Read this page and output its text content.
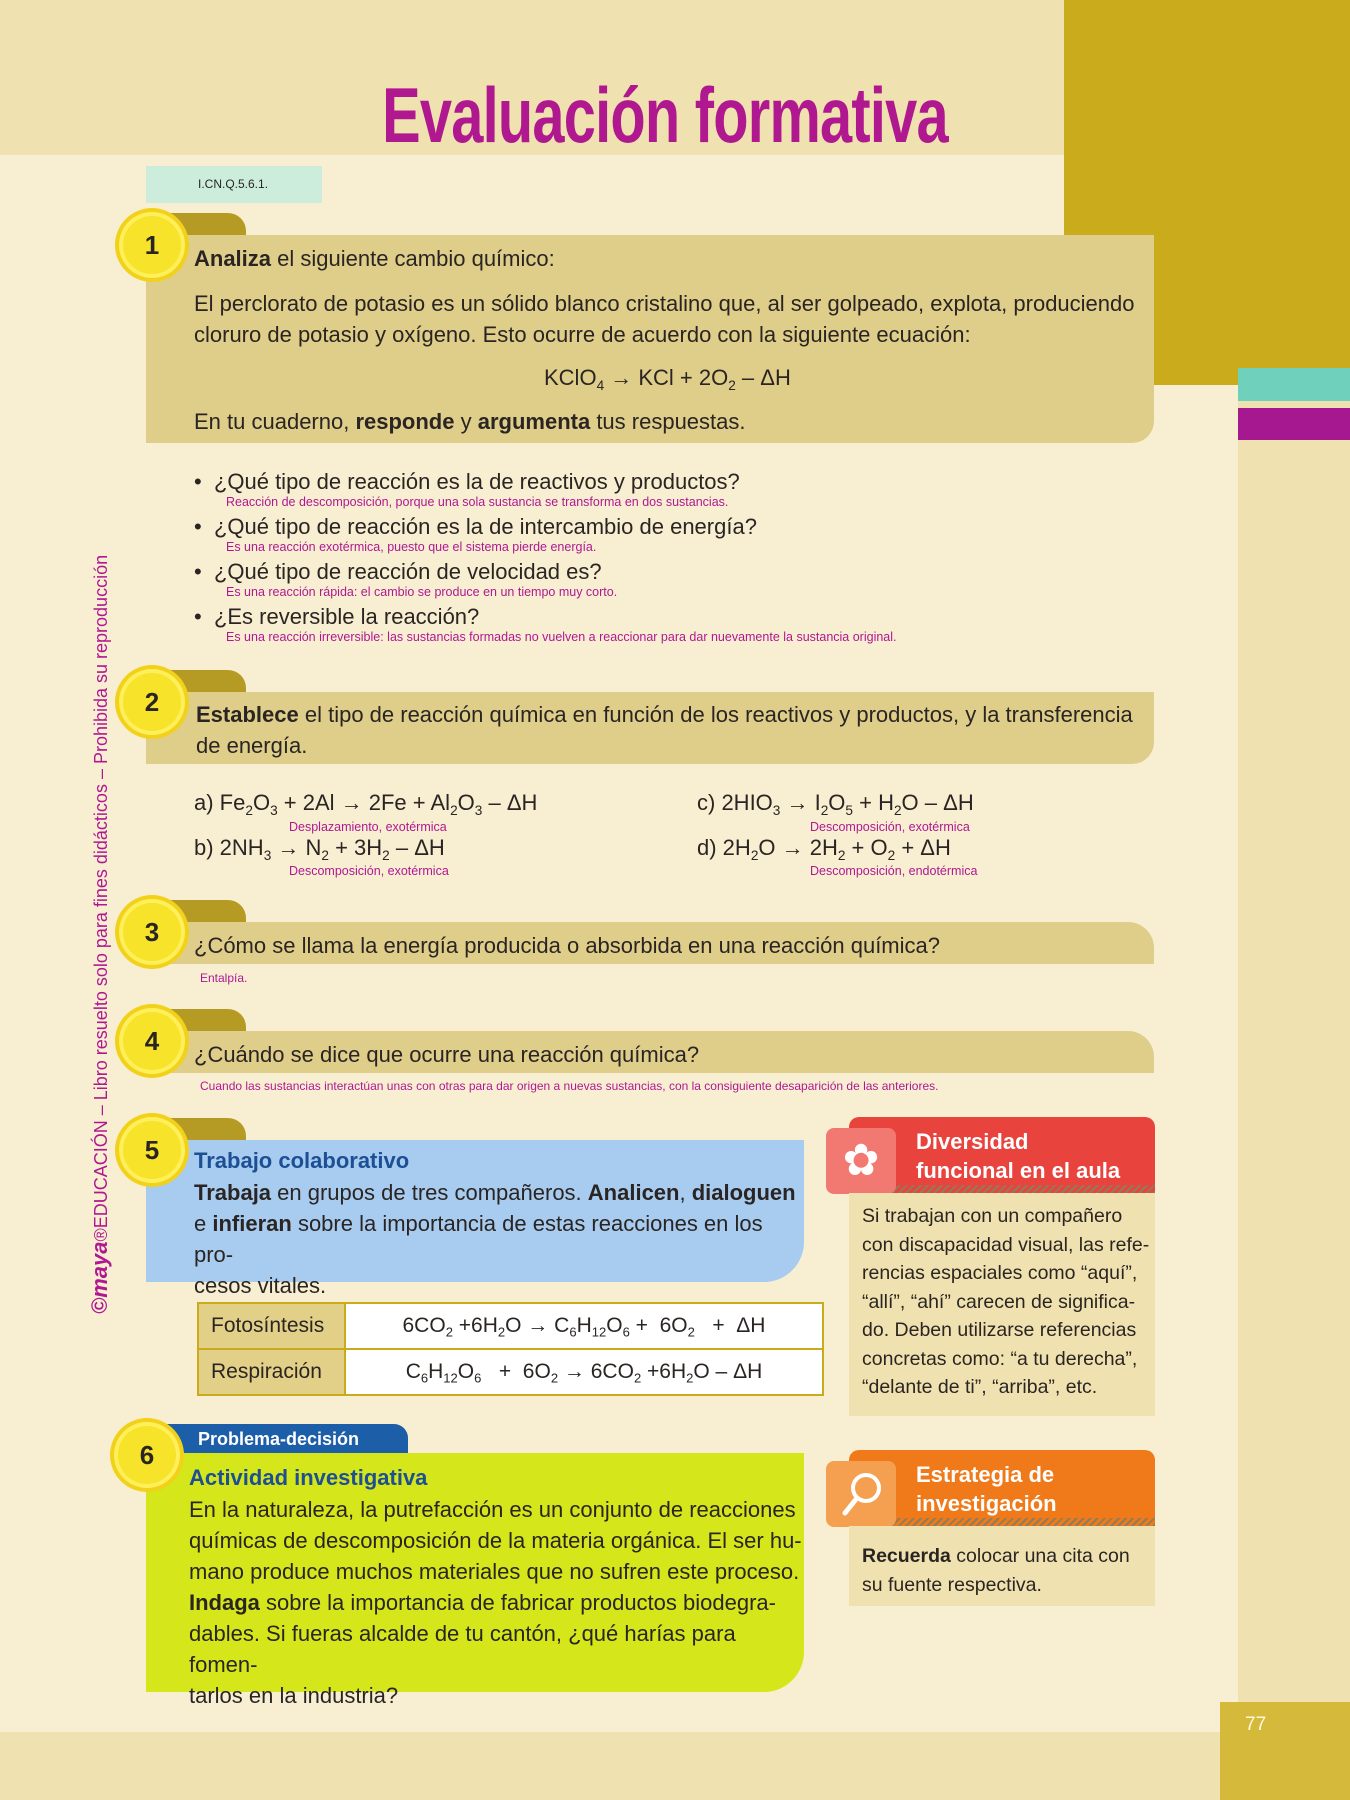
77
Evaluación formativa
I.CN.Q.5.6.1.
©maya®EDUCACIÓN – Libro resuelto solo para fines didácticos – Prohibida su reproducción
1	Analiza el siguiente cambio químico:
El perclorato de potasio es un sólido blanco cristalino que, al ser golpeado, explota, produciendo cloruro de potasio y oxígeno. Esto ocurre de acuerdo con la siguiente ecuación:
KClO$_4$ → KCl + $2O_2$ – ΔH
En tu cuaderno, responde y argumenta tus respuestas.
•  ¿Qué tipo de reacción es la de reactivos y productos?
Reacción de descomposición, porque una sola sustancia se transforma en dos sustancias.
•  ¿Qué tipo de reacción es la de intercambio de energía?
Es una reacción exotérmica, puesto que el sistema pierde energía.
•  ¿Qué tipo de reacción de velocidad es?
Es una reacción rápida: el cambio se produce en un tiempo muy corto.
•  ¿Es reversible la reacción?
Es una reacción irreversible: las sustancias formadas no vuelven a reaccionar para dar nuevamente la sustancia original.
2	Establece el tipo de reacción química en función de los reactivos y productos, y la transferencia de energía.
a) $Fe_2O_3 + 2Al \to 2Fe + Al_2O_3 - \Delta H$
Desplazamiento, exotérmica
b) $2NH_3 \to N_2 + 3H_2 - \Delta H$
Descomposición, exotérmica
c) $2HIO_3 \to I_2O_5 + H_2O - \Delta H$
Descomposición, exotérmica
d) $2H_2O \to 2H_2 + O_2 + \Delta H$
Descomposición, endotérmica
3	¿Cómo se llama la energía producida o absorbida en una reacción química?
Entalpía.
4	¿Cuándo se dice que ocurre una reacción química?
Cuando las sustancias interactúan unas con otras para dar origen a nuevas sustancias, con la consiguiente desaparición de las anteriores.
5	Trabajo colaborativo
Trabaja en grupos de tres compañeros. Analicen, dialoguen
e infieran sobre la importancia de estas reacciones en los pro-
cesos vitales.
Fotosíntesis	$6CO_2 +6H_2O \to C_6H_{12}O_6 + 6O_2 + \Delta H$
Respiración	$C_6H_{12}O_6 + 6O_2 \to 6CO_2 +6H_2O - \Delta H$
Problema-decisión
6
Actividad investigativa
En la naturaleza, la putrefacción es un conjunto de reacciones
químicas de descomposición de la materia orgánica. El ser hu-
mano produce muchos materiales que no sufren este proceso.
Indaga sobre la importancia de fabricar productos biodegra-
dables. Si fueras alcalde de tu cantón, ¿qué harías para fomen-
tarlos en la industria?
Diversidad
funcional en el aula
✿
Si trabajan con un compañero
con discapacidad visual, las refe-
rencias espaciales como “aquí”,
“allí”, “ahí” carecen de significa-
do. Deben utilizarse referencias
concretas como: “a tu derecha”,
“delante de ti”, “arriba”, etc.
Estrategia de
investigación
Recuerda colocar una cita con
su fuente respectiva.
